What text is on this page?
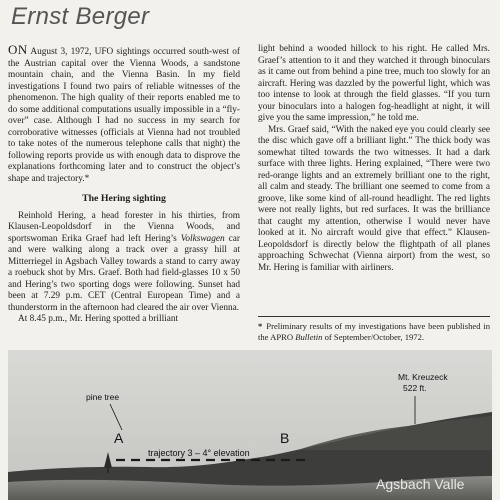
Ernst Berger

ON August 3, 1972, UFO sightings occurred south-west of the Austrian capital over the Vienna Woods, a sandstone mountain chain, and the Vienna Basin. In my field investigations I found two pairs of reliable witnesses of the phenomenon. The high quality of their reports enabled me to do some additional computations usually impossible in a “fly-over” case. Although I had no success in my search for corroborative witnesses (officials at Vienna had not troubled to take notes of the numerous telephone calls that night) the following reports provide us with enough data to disprove the explanations forthcoming later and to construct the object’s shape and trajectory.*

The Hering sighting

Reinhold Hering, a head forester in his thirties, from Klausen-Leopoldsdorf in the Vienna Woods, and sportswoman Erika Graef had left Hering’s Volkswagen car and were walking along a track over a grassy hill at Mitterriegel in Agsbach Valley towards a stand to carry away a roebuck shot by Mrs. Graef. Both had field-glasses 10 x 50 and Hering’s two sporting dogs were following. Sunset had been at 7.29 p.m. CET (Central European Time) and a thunderstorm in the afternoon had cleared the air over Vienna.

At 8.45 p.m., Mr. Hering spotted a brilliant

light behind a wooded hillock to his right. He called Mrs. Graef’s attention to it and they watched it through binoculars as it came out from behind a pine tree, much too slowly for an aircraft. Hering was dazzled by the powerful light, which was too intense to look at through the field glasses. “If you turn your binoculars into a halogen fog-headlight at night, it will give you the same impression,” he told me.

Mrs. Graef said, “With the naked eye you could clearly see the disc which gave off a brilliant light.” The thick body was somewhat tilted towards the two witnesses. It had a dark surface with three lights. Hering explained, “There were two red-orange lights and an extremely brilliant one to the right, all calm and steady. The brilliant one seemed to come from a groove, like some kind of all-round headlight. The red lights were not really lights, but red surfaces. It was the brilliance that caught my attention, otherwise I would never have looked at it. No aircraft would give that effect.” Klausen-Leopoldsdorf is directly below the flightpath of all planes approaching Schwechat (Vienna airport) from the west, so Mr. Hering is familiar with airliners.

* Preliminary results of my investigations have been published in the APRO Bulletin of September/October, 1972.
pine tree
A	B
trajectory 3 – 4° elevation
Mt. Kreuzeck
522 ft.
Agsbach Valle
